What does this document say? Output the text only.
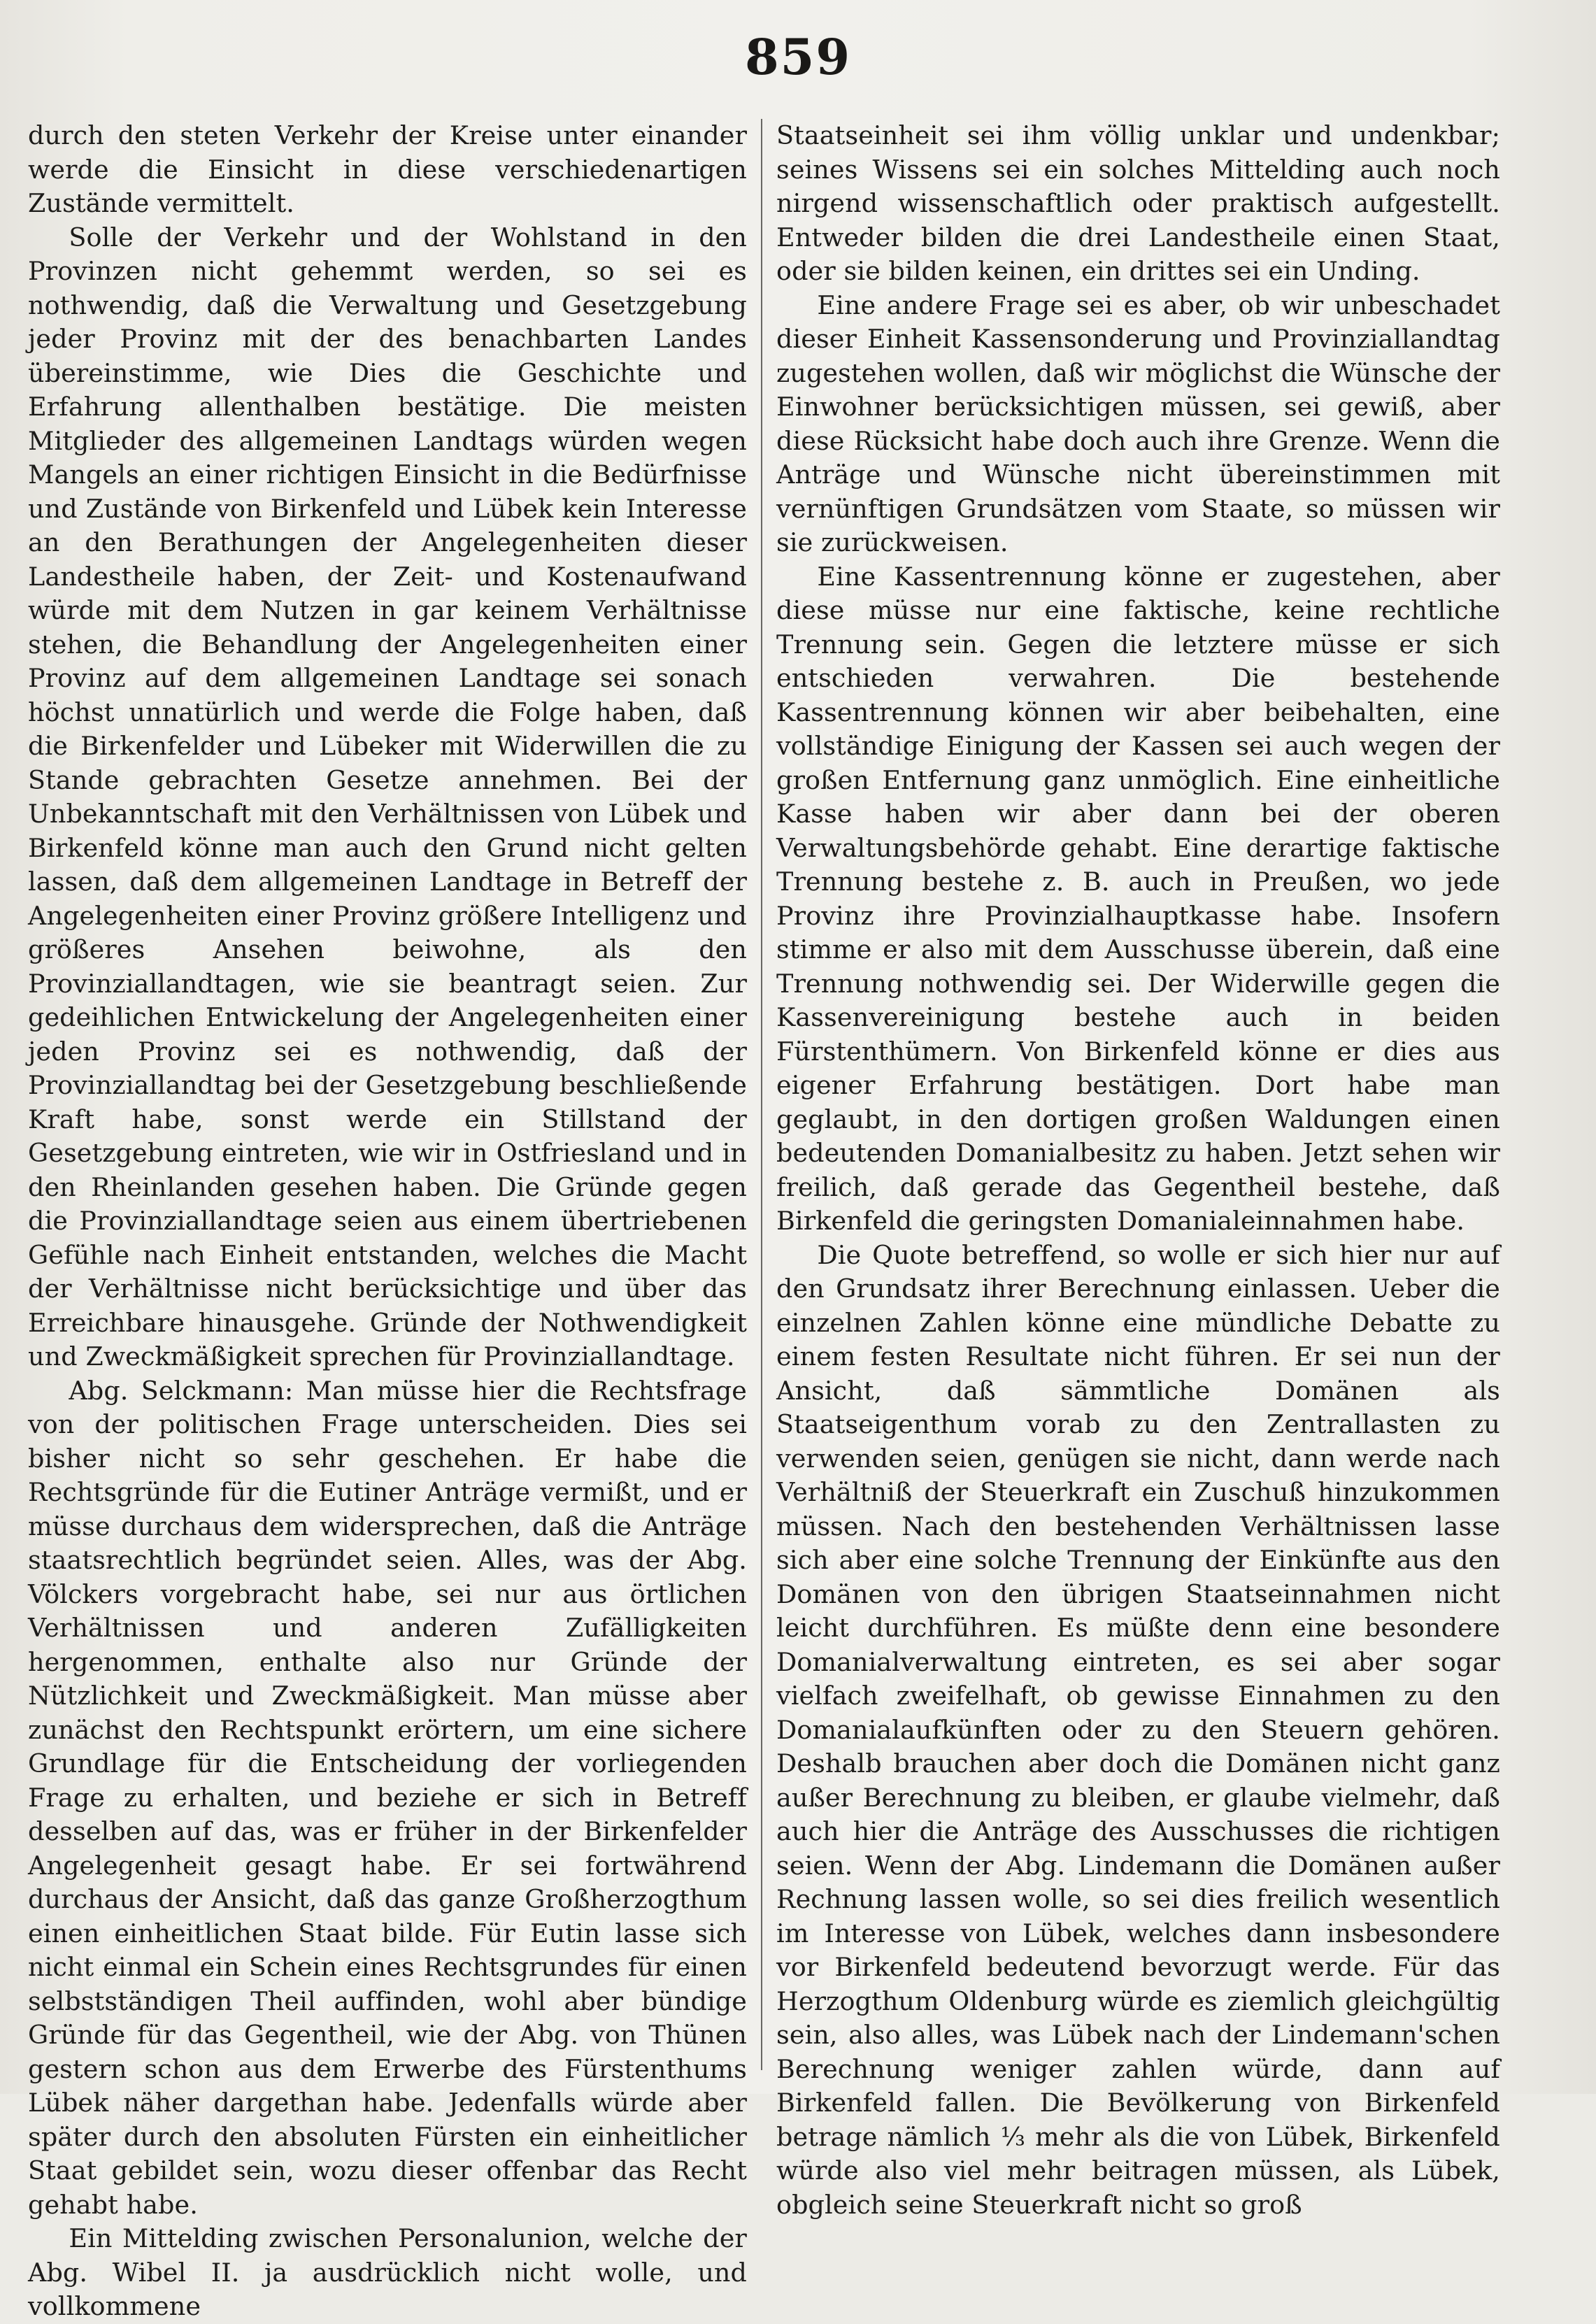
859

durch den steten Verkehr der Kreise unter einander werde die Einsicht in diese verschiedenartigen Zustände vermittelt.

Solle der Verkehr und der Wohlstand in den Provinzen nicht gehemmt werden, so sei es nothwendig, daß die Verwaltung und Gesetzgebung jeder Provinz mit der des benachbarten Landes übereinstimme, wie Dies die Geschichte und Erfahrung allenthalben bestätige. Die meisten Mitglieder des allgemeinen Landtags würden wegen Mangels an einer richtigen Einsicht in die Bedürfnisse und Zustände von Birkenfeld und Lübek kein Interesse an den Berathungen der Angelegenheiten dieser Landestheile haben, der Zeit- und Kostenaufwand würde mit dem Nutzen in gar keinem Verhältnisse stehen, die Behandlung der Angelegenheiten einer Provinz auf dem allgemeinen Landtage sei sonach höchst unnatürlich und werde die Folge haben, daß die Birkenfelder und Lübeker mit Widerwillen die zu Stande gebrachten Gesetze annehmen. Bei der Unbekanntschaft mit den Verhältnissen von Lübek und Birkenfeld könne man auch den Grund nicht gelten lassen, daß dem allgemeinen Landtage in Betreff der Angelegenheiten einer Provinz größere Intelligenz und größeres Ansehen beiwohne, als den Provinziallandtagen, wie sie beantragt seien. Zur gedeihlichen Entwickelung der Angelegenheiten einer jeden Provinz sei es nothwendig, daß der Provinziallandtag bei der Gesetzgebung beschließende Kraft habe, sonst werde ein Stillstand der Gesetzgebung eintreten, wie wir in Ostfriesland und in den Rheinlanden gesehen haben. Die Gründe gegen die Provinziallandtage seien aus einem übertriebenen Gefühle nach Einheit entstanden, welches die Macht der Verhältnisse nicht berücksichtige und über das Erreichbare hinausgehe. Gründe der Nothwendigkeit und Zweckmäßigkeit sprechen für Provinziallandtage.

Abg. Selckmann: Man müsse hier die Rechtsfrage von der politischen Frage unterscheiden. Dies sei bisher nicht so sehr geschehen. Er habe die Rechtsgründe für die Eutiner Anträge vermißt, und er müsse durchaus dem widersprechen, daß die Anträge staatsrechtlich begründet seien. Alles, was der Abg. Völckers vorgebracht habe, sei nur aus örtlichen Verhältnissen und anderen Zufälligkeiten hergenommen, enthalte also nur Gründe der Nützlichkeit und Zweckmäßigkeit. Man müsse aber zunächst den Rechtspunkt erörtern, um eine sichere Grundlage für die Entscheidung der vorliegenden Frage zu erhalten, und beziehe er sich in Betreff desselben auf das, was er früher in der Birkenfelder Angelegenheit gesagt habe. Er sei fortwährend durchaus der Ansicht, daß das ganze Großherzogthum einen einheitlichen Staat bilde. Für Eutin lasse sich nicht einmal ein Schein eines Rechtsgrundes für einen selbstständigen Theil auffinden, wohl aber bündige Gründe für das Gegentheil, wie der Abg. von Thünen gestern schon aus dem Erwerbe des Fürstenthums Lübek näher dargethan habe. Jedenfalls würde aber später durch den absoluten Fürsten ein einheitlicher Staat gebildet sein, wozu dieser offenbar das Recht gehabt habe.

Ein Mittelding zwischen Personalunion, welche der Abg. Wibel II. ja ausdrücklich nicht wolle, und vollkommene

Staatseinheit sei ihm völlig unklar und undenkbar; seines Wissens sei ein solches Mittelding auch noch nirgend wissenschaftlich oder praktisch aufgestellt. Entweder bilden die drei Landestheile einen Staat, oder sie bilden keinen, ein drittes sei ein Unding.

Eine andere Frage sei es aber, ob wir unbeschadet dieser Einheit Kassensonderung und Provinziallandtag zugestehen wollen, daß wir möglichst die Wünsche der Einwohner berücksichtigen müssen, sei gewiß, aber diese Rücksicht habe doch auch ihre Grenze. Wenn die Anträge und Wünsche nicht übereinstimmen mit vernünftigen Grundsätzen vom Staate, so müssen wir sie zurückweisen.

Eine Kassentrennung könne er zugestehen, aber diese müsse nur eine faktische, keine rechtliche Trennung sein. Gegen die letztere müsse er sich entschieden verwahren. Die bestehende Kassentrennung können wir aber beibehalten, eine vollständige Einigung der Kassen sei auch wegen der großen Entfernung ganz unmöglich. Eine einheitliche Kasse haben wir aber dann bei der oberen Verwaltungsbehörde gehabt. Eine derartige faktische Trennung bestehe z. B. auch in Preußen, wo jede Provinz ihre Provinzialhauptkasse habe. Insofern stimme er also mit dem Ausschusse überein, daß eine Trennung nothwendig sei. Der Widerwille gegen die Kassenvereinigung bestehe auch in beiden Fürstenthümern. Von Birkenfeld könne er dies aus eigener Erfahrung bestätigen. Dort habe man geglaubt, in den dortigen großen Waldungen einen bedeutenden Domanialbesitz zu haben. Jetzt sehen wir freilich, daß gerade das Gegentheil bestehe, daß Birkenfeld die geringsten Domanialeinnahmen habe.

Die Quote betreffend, so wolle er sich hier nur auf den Grundsatz ihrer Berechnung einlassen. Ueber die einzelnen Zahlen könne eine mündliche Debatte zu einem festen Resultate nicht führen. Er sei nun der Ansicht, daß sämmtliche Domänen als Staatseigenthum vorab zu den Zentrallasten zu verwenden seien, genügen sie nicht, dann werde nach Verhältniß der Steuerkraft ein Zuschuß hinzukommen müssen. Nach den bestehenden Verhältnissen lasse sich aber eine solche Trennung der Einkünfte aus den Domänen von den übrigen Staatseinnahmen nicht leicht durchführen. Es müßte denn eine besondere Domanialverwaltung eintreten, es sei aber sogar vielfach zweifelhaft, ob gewisse Einnahmen zu den Domanialaufkünften oder zu den Steuern gehören. Deshalb brauchen aber doch die Domänen nicht ganz außer Berechnung zu bleiben, er glaube vielmehr, daß auch hier die Anträge des Ausschusses die richtigen seien. Wenn der Abg. Lindemann die Domänen außer Rechnung lassen wolle, so sei dies freilich wesentlich im Interesse von Lübek, welches dann insbesondere vor Birkenfeld bedeutend bevorzugt werde. Für das Herzogthum Oldenburg würde es ziemlich gleichgültig sein, also alles, was Lübek nach der Lindemann'schen Berechnung weniger zahlen würde, dann auf Birkenfeld fallen. Die Bevölkerung von Birkenfeld betrage nämlich ⅓ mehr als die von Lübek, Birkenfeld würde also viel mehr beitragen müssen, als Lübek, obgleich seine Steuerkraft nicht so groß
